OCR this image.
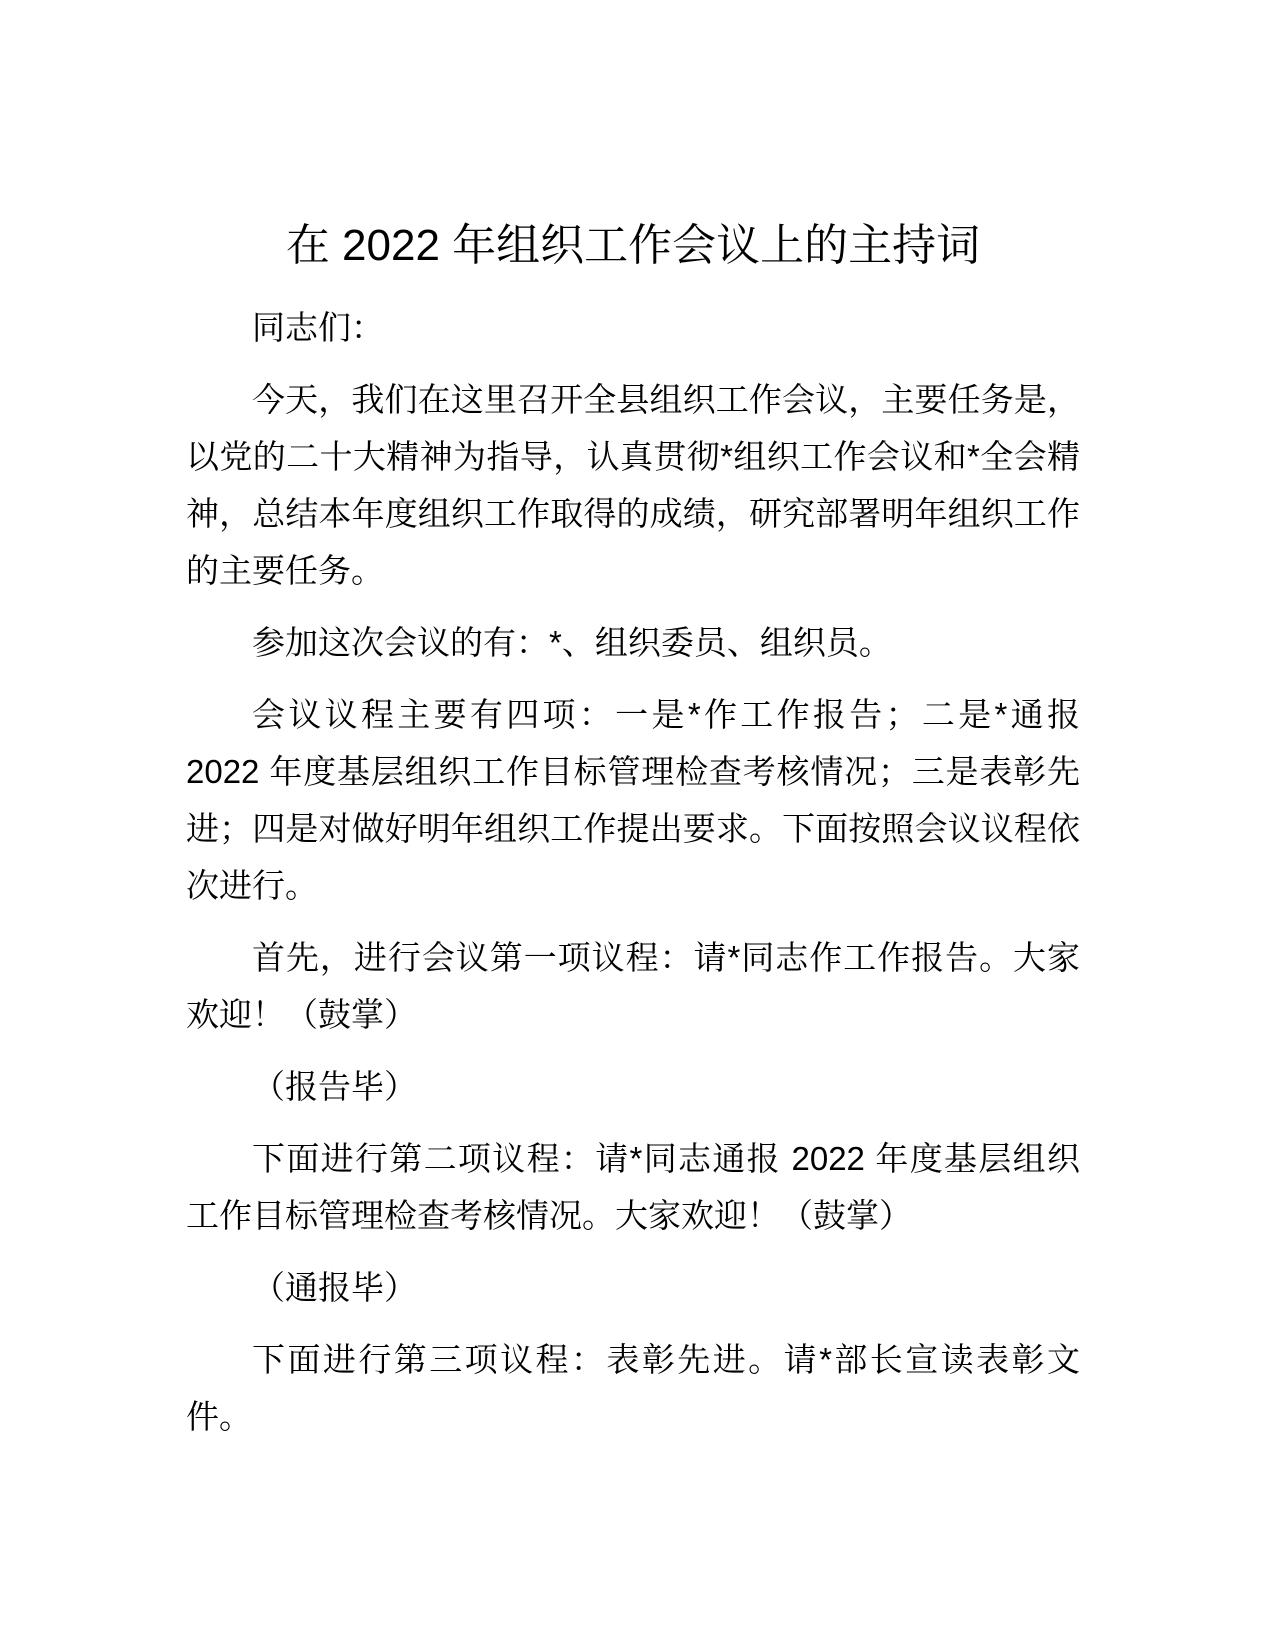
在 2022 年组织工作会议上的主持词

同志们：

今天，我们在这里召开全县组织工作会议，主要任务是，以党的二十大精神为指导，认真贯彻*组织工作会议和*全会精神，总结本年度组织工作取得的成绩，研究部署明年组织工作的主要任务。

参加这次会议的有：*、组织委员、组织员。

会议议程主要有四项：一是*作工作报告；二是*通报 2022 年度基层组织工作目标管理检查考核情况；三是表彰先进；四是对做好明年组织工作提出要求。下面按照会议议程依次进行。

首先，进行会议第一项议程：请*同志作工作报告。大家欢迎！（鼓掌）

（报告毕）

下面进行第二项议程：请*同志通报 2022 年度基层组织工作目标管理检查考核情况。大家欢迎！（鼓掌）

（通报毕）

下面进行第三项议程：表彰先进。请*部长宣读表彰文件。
